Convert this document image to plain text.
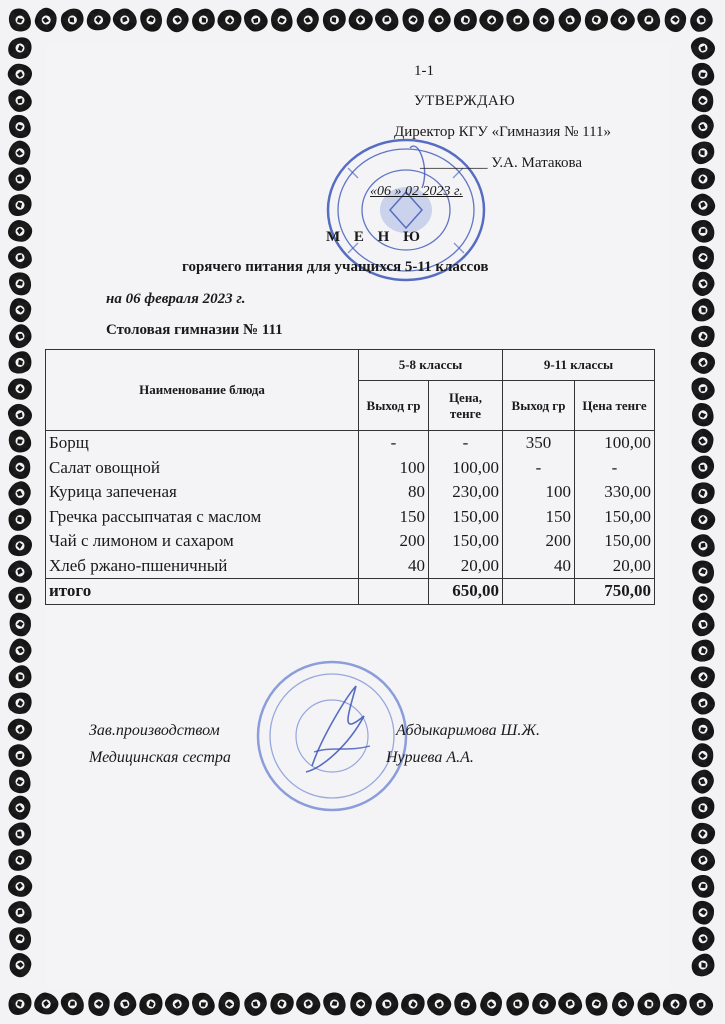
1-1
УТВЕРЖДАЮ
Директор КГУ «Гимназия № 111»
_________ У.А. Матакова
«06 » 02 2023 г.
М Е Н Ю
горячего питания для учащихся 5-11 классов
на 06 февраля 2023 г.
Столовая гимназии № 111
Наименование блюда	5-8 классы		9-11 классы	
	Выход гр	Цена, тенге	Выход гр	Цена тенге
Борщ	-	-	350	100,00
Салат овощной	100	100,00	-	-
Курица запеченая	80	230,00	100	330,00
Гречка рассыпчатая с маслом	150	150,00	150	150,00
Чай с лимоном и сахаром	200	150,00	200	150,00
Хлеб ржано-пшеничный	40	20,00	40	20,00
итого		650,00		750,00
Зав.производством	Абдыкаримова Ш.Ж.
Медицинская сестра	Нуриева А.А.
